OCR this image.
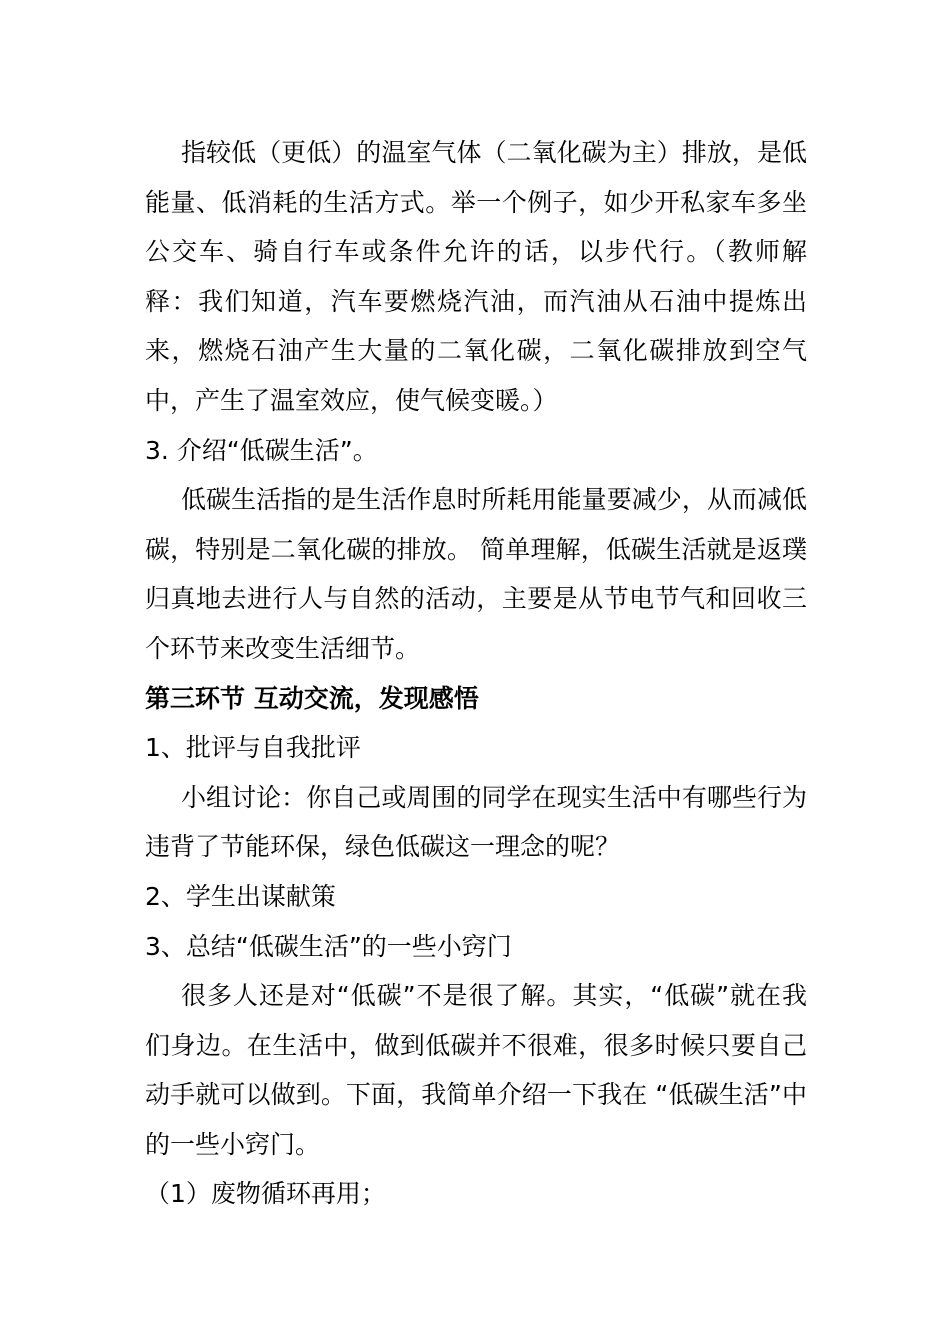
指较低（更低）的温室气体（二氧化碳为主）排放，是低能量、低消耗的生活方式。举一个例子，如少开私家车多坐公交车、骑自行车或条件允许的话，以步代行。（教师解释：我们知道，汽车要燃烧汽油，而汽油从石油中提炼出来，燃烧石油产生大量的二氧化碳，二氧化碳排放到空气中，产生了温室效应，使气候变暖。）

3. 介绍“低碳生活”。

低碳生活指的是生活作息时所耗用能量要减少，从而减低碳，特别是二氧化碳的排放。 简单理解，低碳生活就是返璞归真地去进行人与自然的活动，主要是从节电节气和回收三个环节来改变生活细节。

第三环节 互动交流，发现感悟

1、批评与自我批评

小组讨论：你自己或周围的同学在现实生活中有哪些行为违背了节能环保，绿色低碳这一理念的呢？

2、学生出谋献策

3、总结“低碳生活”的一些小窍门

很多人还是对“低碳”不是很了解。其实，“低碳”就在我们身边。在生活中，做到低碳并不很难，很多时候只要自己动手就可以做到。下面，我简单介绍一下我在 “低碳生活”中的一些小窍门。

（1）废物循环再用；
